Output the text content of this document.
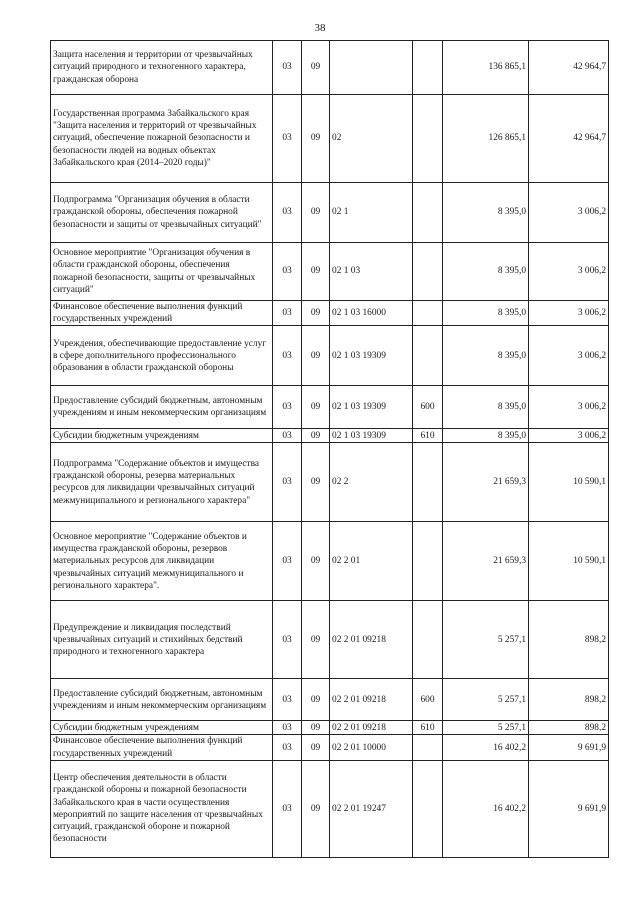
38
Защита населения и территории от чрезвычайных ситуаций природного и техногенного характера, гражданская оборона	03	09			136 865,1	42 964,7
Государственная программа Забайкальского края "Защита населения и территорий от чрезвычайных ситуаций, обеспечение пожарной безопасности и безопасности людей на водных объектах Забайкальского края (2014–2020 годы)"	03	09	02		126 865,1	42 964,7
Подпрограмма "Организация обучения в области гражданской обороны, обеспечения пожарной безопасности и защиты от чрезвычайных ситуаций"	03	09	02 1		8 395,0	3 006,2
Основное мероприятие "Организация обучения в области гражданской обороны, обеспечения пожарной безопасности, защиты от чрезвычайных ситуаций"	03	09	02 1 03		8 395,0	3 006,2
Финансовое обеспечение выполнения функций государственных учреждений	03	09	02 1 03 16000		8 395,0	3 006,2
Учреждения, обеспечивающие предоставление услуг в сфере дополнительного профессионального образования в области гражданской обороны	03	09	02 1 03 19309		8 395,0	3 006,2
Предоставление субсидий бюджетным, автономным учреждениям и иным некоммерческим организациям	03	09	02 1 03 19309	600	8 395,0	3 006,2
Субсидии бюджетным учреждениям	03	09	02 1 03 19309	610	8 395,0	3 006,2
Подпрограмма "Содержание объектов и имущества гражданской обороны, резерва материальных ресурсов для ликвидации чрезвычайных ситуаций межмуниципального и регионального характера"	03	09	02 2		21 659,3	10 590,1
Основное мероприятие "Содержание объектов и имущества гражданской обороны, резервов материальных ресурсов для ликвидации чрезвычайных ситуаций межмуниципального и регионального характера".	03	09	02 2 01		21 659,3	10 590,1
Предупреждение и ликвидация последствий чрезвычайных ситуаций и стихийных бедствий природного и техногенного характера	03	09	02 2 01 09218		5 257,1	898,2
Предоставление субсидий бюджетным, автономным учреждениям и иным некоммерческим организациям	03	09	02 2 01 09218	600	5 257,1	898,2
Субсидии бюджетным учреждениям	03	09	02 2 01 09218	610	5 257,1	898,2
Финансовое обеспечение выполнения функций государственных учреждений	03	09	02 2 01 10000		16 402,2	9 691,9
Центр обеспечения деятельности в области гражданской обороны и пожарной безопасности Забайкальского края в части осуществления мероприятий по защите населения от чрезвычайных ситуаций, гражданской обороне и пожарной безопасности	03	09	02 2 01 19247		16 402,2	9 691,9
